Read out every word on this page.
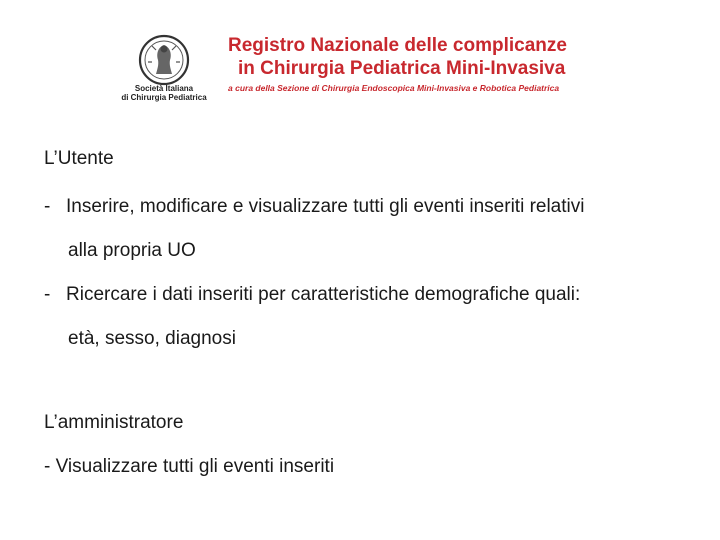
Società Italiana
di Chirurgia Pediatrica
Registro Nazionale delle complicanze
in Chirurgia Pediatrica Mini-Invasiva
a cura della Sezione di Chirurgia Endoscopica Mini-Invasiva e Robotica Pediatrica
L’Utente
- Inserire, modificare e visualizzare tutti gli eventi inseriti relativi
alla propria UO
- Ricercare i dati inseriti per caratteristiche demografiche quali:
età, sesso, diagnosi
L’amministratore
- Visualizzare tutti gli eventi inseriti
